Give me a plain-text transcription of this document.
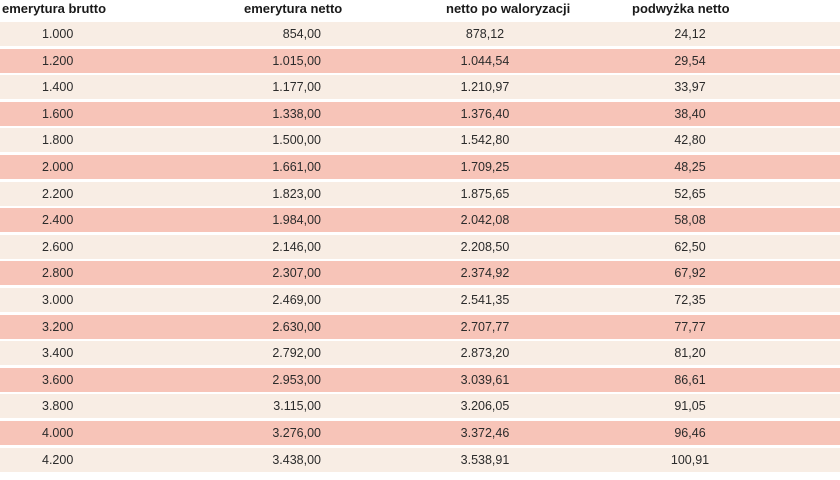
emerytura brutto	emerytura netto	netto po waloryzacji	podwyżka netto
1.000	854,00	878,12	24,12
1.200	1.015,00	1.044,54	29,54
1.400	1.177,00	1.210,97	33,97
1.600	1.338,00	1.376,40	38,40
1.800	1.500,00	1.542,80	42,80
2.000	1.661,00	1.709,25	48,25
2.200	1.823,00	1.875,65	52,65
2.400	1.984,00	2.042,08	58,08
2.600	2.146,00	2.208,50	62,50
2.800	2.307,00	2.374,92	67,92
3.000	2.469,00	2.541,35	72,35
3.200	2.630,00	2.707,77	77,77
3.400	2.792,00	2.873,20	81,20
3.600	2.953,00	3.039,61	86,61
3.800	3.115,00	3.206,05	91,05
4.000	3.276,00	3.372,46	96,46
4.200	3.438,00	3.538,91	100,91
